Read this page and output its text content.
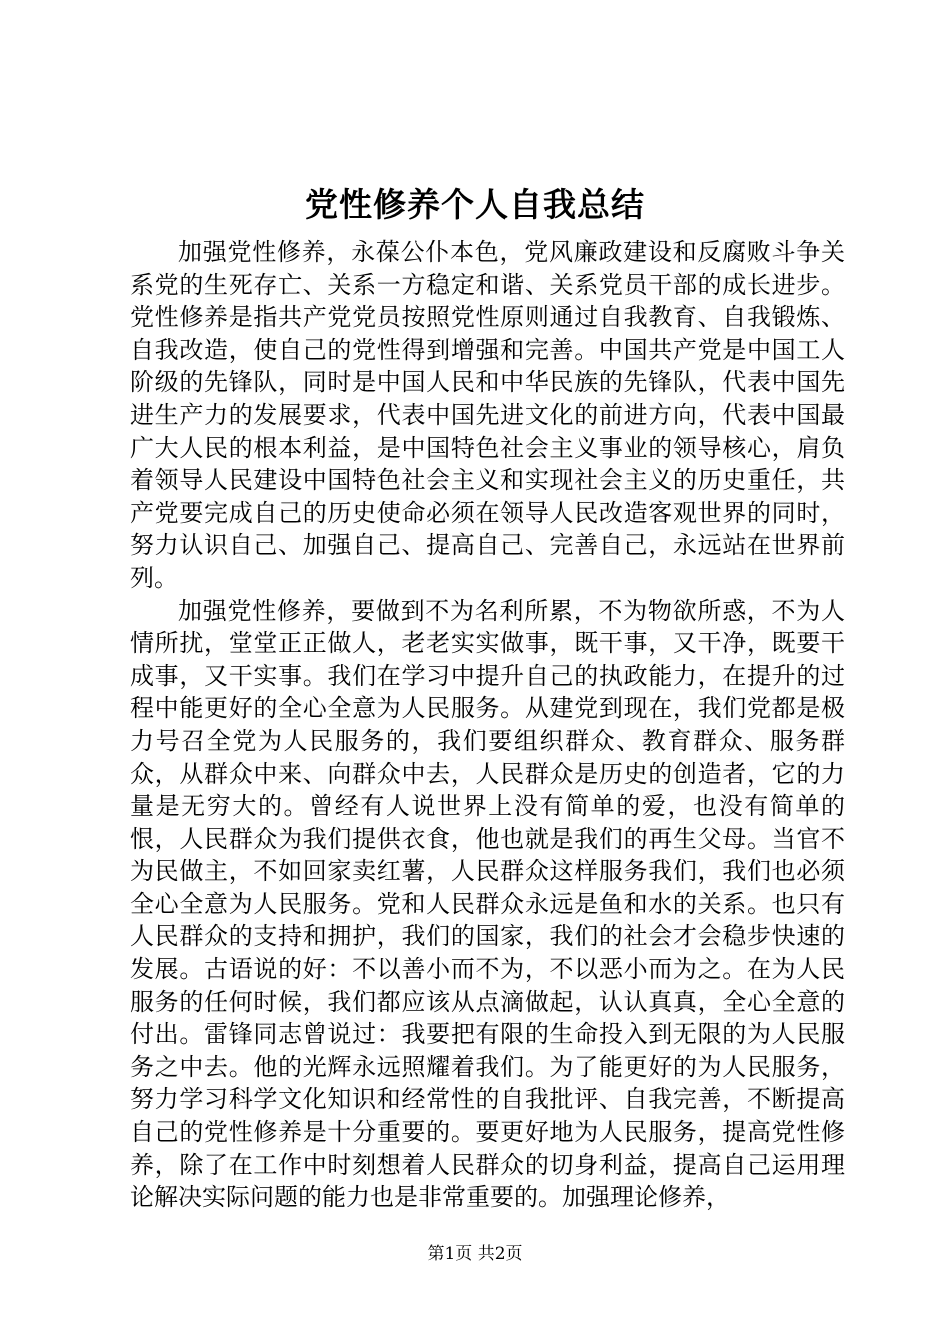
党性修养个人自我总结

加强党性修养，永葆公仆本色，党风廉政建设和反腐败斗争关系党的生死存亡、关系一方稳定和谐、关系党员干部的成长进步。党性修养是指共产党党员按照党性原则通过自我教育、自我锻炼、自我改造，使自己的党性得到增强和完善。中国共产党是中国工人阶级的先锋队，同时是中国人民和中华民族的先锋队，代表中国先进生产力的发展要求，代表中国先进文化的前进方向，代表中国最广大人民的根本利益，是中国特色社会主义事业的领导核心，肩负着领导人民建设中国特色社会主义和实现社会主义的历史重任，共产党要完成自己的历史使命必须在领导人民改造客观世界的同时，努力认识自己、加强自己、提高自己、完善自己，永远站在世界前列。

加强党性修养，要做到不为名利所累，不为物欲所惑，不为人情所扰，堂堂正正做人，老老实实做事，既干事，又干净，既要干成事，又干实事。我们在学习中提升自己的执政能力，在提升的过程中能更好的全心全意为人民服务。从建党到现在，我们党都是极力号召全党为人民服务的，我们要组织群众、教育群众、服务群众，从群众中来、向群众中去，人民群众是历史的创造者，它的力量是无穷大的。曾经有人说世界上没有简单的爱，也没有简单的恨，人民群众为我们提供衣食，他也就是我们的再生父母。当官不为民做主，不如回家卖红薯，人民群众这样服务我们，我们也必须全心全意为人民服务。党和人民群众永远是鱼和水的关系。也只有人民群众的支持和拥护，我们的国家，我们的社会才会稳步快速的发展。古语说的好：不以善小而不为，不以恶小而为之。在为人民服务的任何时候，我们都应该从点滴做起，认认真真，全心全意的付出。雷锋同志曾说过：我要把有限的生命投入到无限的为人民服务之中去。他的光辉永远照耀着我们。为了能更好的为人民服务，努力学习科学文化知识和经常性的自我批评、自我完善，不断提高自己的党性修养是十分重要的。要更好地为人民服务，提高党性修养，除了在工作中时刻想着人民群众的切身利益，提高自己运用理论解决实际问题的能力也是非常重要的。加强理论修养，

第1页 共2页
